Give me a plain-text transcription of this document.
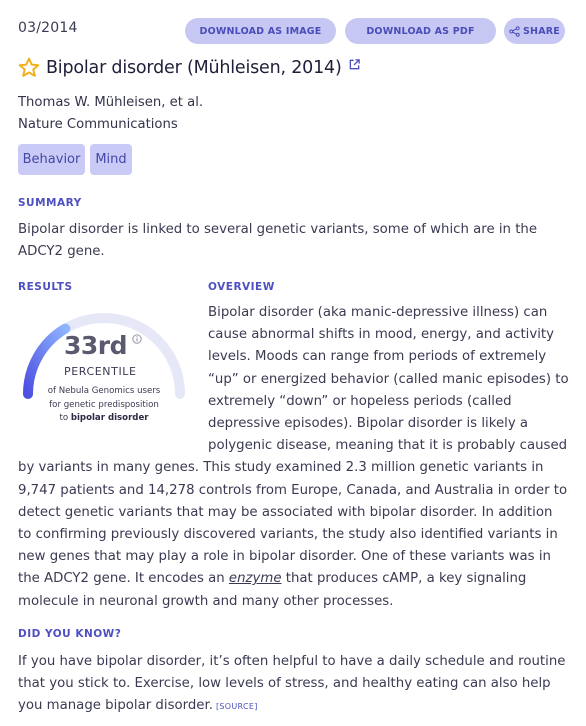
03/2014	DOWNLOAD AS IMAGE	DOWNLOAD AS PDF	SHARE
Bipolar disorder (Mühleisen, 2014)
Thomas W. Mühleisen, et al.
Nature Communications
Behavior	Mind
SUMMARY
Bipolar disorder is linked to several genetic variants, some of which are in the ADCY2 gene.
RESULTS
33rd
PERCENTILE
of Nebula Genomics users
for genetic predisposition
to bipolar disorder
OVERVIEW
Bipolar disorder (aka manic-depressive illness) can
cause abnormal shifts in mood, energy, and activity
levels. Moods can range from periods of extremely
“up” or energized behavior (called manic episodes) to
extremely “down” or hopeless periods (called
depressive episodes). Bipolar disorder is likely a
polygenic disease, meaning that it is probably caused
by variants in many genes. This study examined 2.3 million genetic variants in
9,747 patients and 14,278 controls from Europe, Canada, and Australia in order to
detect genetic variants that may be associated with bipolar disorder. In addition
to confirming previously discovered variants, the study also identified variants in
new genes that may play a role in bipolar disorder. One of these variants was in
the ADCY2 gene. It encodes an enzyme that produces cAMP, a key signaling
molecule in neuronal growth and many other processes.
DID YOU KNOW?
If you have bipolar disorder, it’s often helpful to have a daily schedule and routine that you stick to. Exercise, low levels of stress, and healthy eating can also help you manage bipolar disorder. [SOURCE]
